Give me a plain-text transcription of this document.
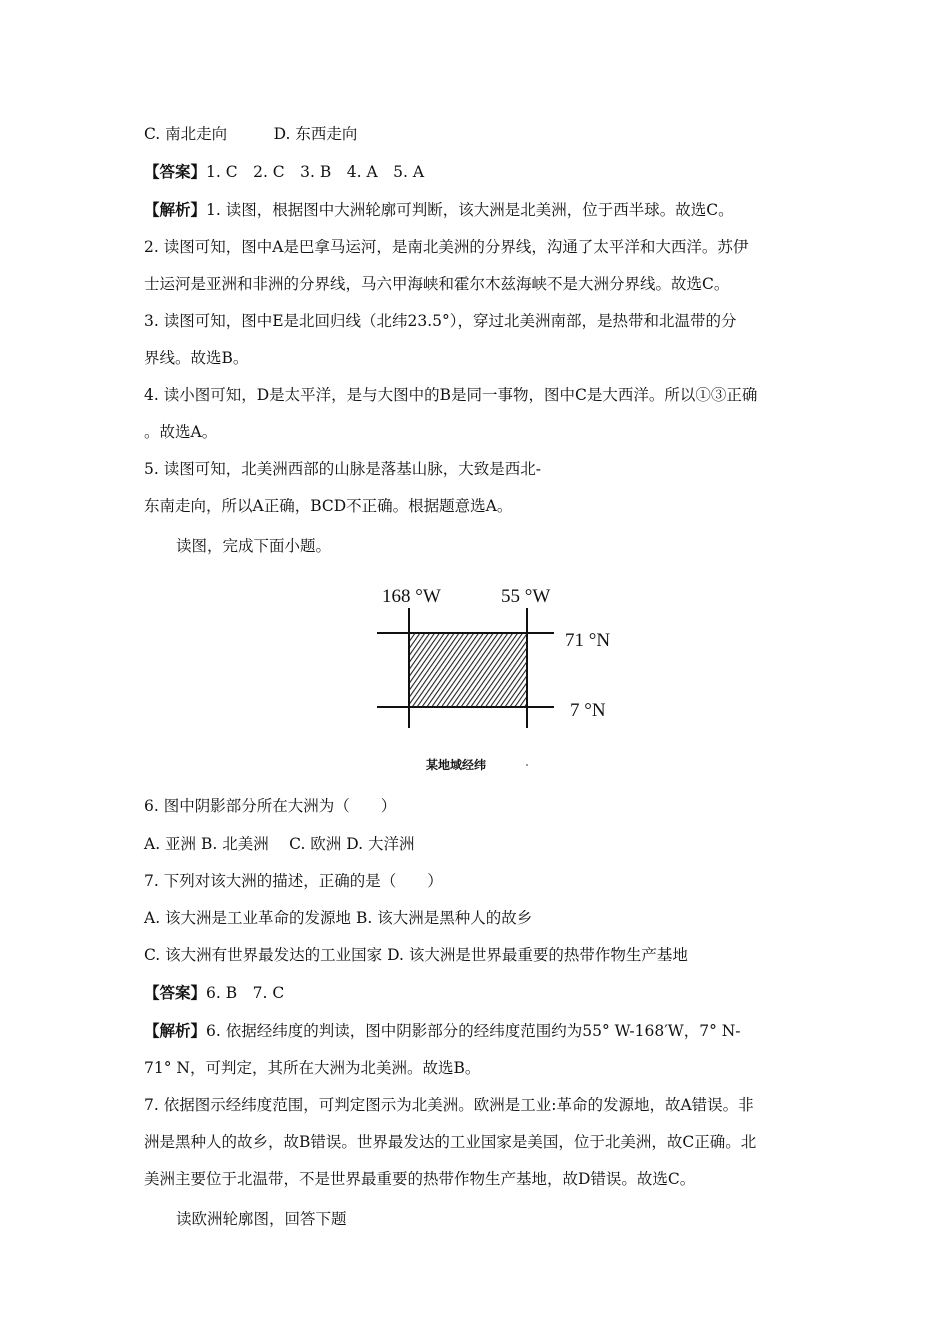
C. 南北走向　　　D. 东西走向
【答案】1. C　2. C　3. B　4. A　5. A
【解析】1. 读图，根据图中大洲轮廓可判断，该大洲是北美洲，位于西半球。故选C。
2. 读图可知，图中A是巴拿马运河，是南北美洲的分界线，沟通了太平洋和大西洋。苏伊
士运河是亚洲和非洲的分界线，马六甲海峡和霍尔木兹海峡不是大洲分界线。故选C。
3. 读图可知，图中E是北回归线（北纬23.5°），穿过北美洲南部，是热带和北温带的分
界线。故选B。
4. 读小图可知，D是太平洋，是与大图中的B是同一事物，图中C是大西洋。所以①③正确
。故选A。
5. 读图可知，北美洲西部的山脉是落基山脉，大致是西北-
东南走向，所以A正确，BCD不正确。根据题意选A。
读图，完成下面小题。
168 °W	55 °W
71 °N
7 °N
某地域经纬
6. 图中阴影部分所在大洲为（　　）
A. 亚洲 B. 北美洲　 C. 欧洲 D. 大洋洲
7. 下列对该大洲的描述，正确的是（　　）
A. 该大洲是工业革命的发源地 B. 该大洲是黑种人的故乡
C. 该大洲有世界最发达的工业国家 D. 该大洲是世界最重要的热带作物生产基地
【答案】6. B　7. C
【解析】6. 依据经纬度的判读，图中阴影部分的经纬度范围约为55° W-168′W，7° N-
71° N，可判定，其所在大洲为北美洲。故选B。
7. 依据图示经纬度范围，可判定图示为北美洲。欧洲是工业:革命的发源地，故A错误。非
洲是黑种人的故乡，故B错误。世界最发达的工业国家是美国，位于北美洲，故C正确。北
美洲主要位于北温带，不是世界最重要的热带作物生产基地，故D错误。故选C。
读欧洲轮廓图，回答下题
